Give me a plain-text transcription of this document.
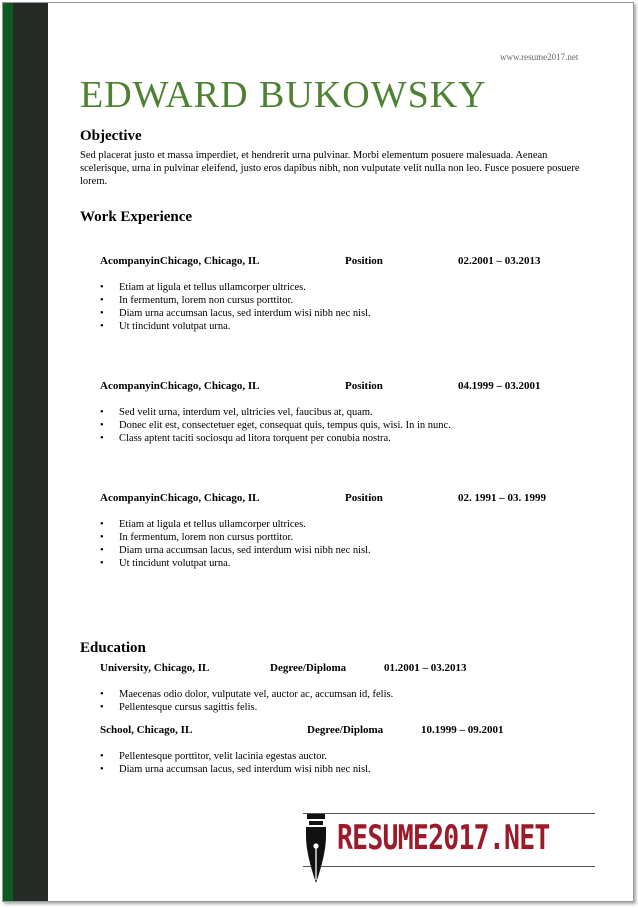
www.resume2017.net
EDWARD BUKOWSKY
Objective

Sed placerat justo et massa imperdiet, et hendrerit urna pulvinar. Morbi elementum posuere malesuada. Aenean scelerisque, urna in pulvinar eleifend, justo eros dapibus nibh, non vulputate velit nulla non leo. Fusce posuere posuere lorem.

Work Experience
AcompanyinChicago, Chicago, IL	Position	02.2001 – 03.2013
• Etiam at ligula et tellus ullamcorper ultrices.
• In fermentum, lorem non cursus porttitor.
• Diam urna accumsan lacus, sed interdum wisi nibh nec nisl.
• Ut tincidunt volutpat urna.
AcompanyinChicago, Chicago, IL	Position	04.1999 – 03.2001
• Sed velit urna, interdum vel, ultricies vel, faucibus at, quam.
• Donec elit est, consectetuer eget, consequat quis, tempus quis, wisi. In in nunc.
• Class aptent taciti sociosqu ad litora torquent per conubia nostra.
AcompanyinChicago, Chicago, IL	Position	02. 1991 – 03. 1999
• Etiam at ligula et tellus ullamcorper ultrices.
• In fermentum, lorem non cursus porttitor.
• Diam urna accumsan lacus, sed interdum wisi nibh nec nisl.
• Ut tincidunt volutpat urna.
Education
University, Chicago, IL	Degree/Diploma	01.2001 – 03.2013
• Maecenas odio dolor, vulputate vel, auctor ac, accumsan id, felis.
• Pellentesque cursus sagittis felis.
School, Chicago, IL	Degree/Diploma	10.1999 – 09.2001
• Pellentesque porttitor, velit lacinia egestas auctor.
• Diam urna accumsan lacus, sed interdum wisi nibh nec nisl.
RESUME2017.NET
